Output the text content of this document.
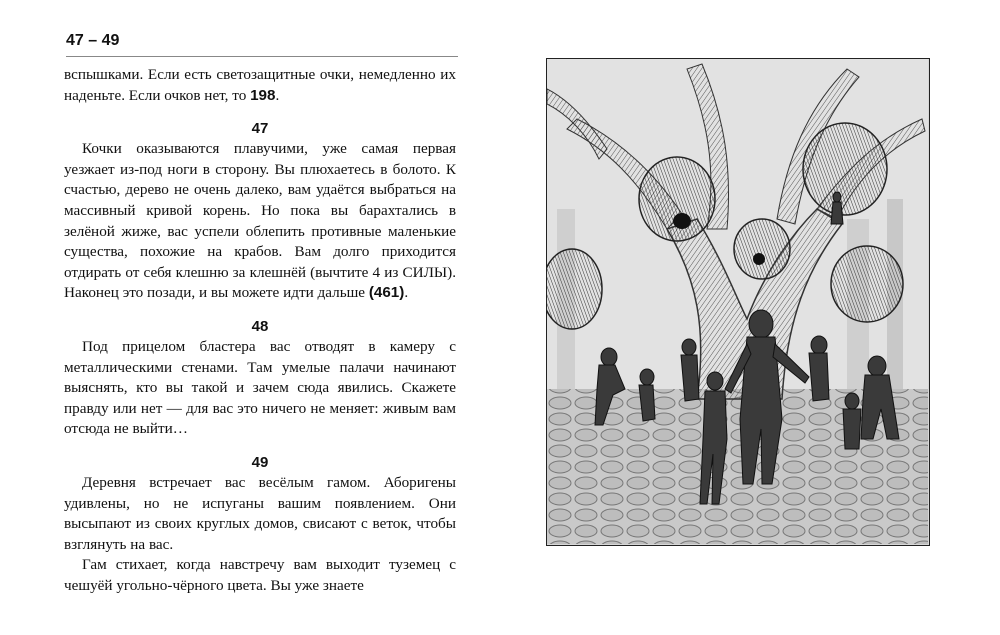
47 – 49

вспышками. Если есть светозащитные очки, немедленно их наденьте. Если очков нет, то 198.

47

Кочки оказываются плавучими, уже самая первая уезжает из-под ноги в сторону. Вы плюхаетесь в болото. К счастью, дерево не очень далеко, вам удаётся выбраться на массивный кривой корень. Но пока вы барахтались в зелёной жиже, вас успели облепить противные маленькие существа, похожие на крабов. Вам долго приходится отдирать от себя клешню за клешнёй (вычтите 4 из СИЛЫ). Наконец это позади, и вы можете идти дальше (461).

48

Под прицелом бластера вас отводят в камеру с металлическими стенами. Там умелые палачи начинают выяснять, кто вы такой и зачем сюда явились. Скажете правду или нет — для вас это ничего не меняет: живым вам отсюда не выйти…

49

Деревня встречает вас весёлым гамом. Аборигены удивлены, но не испуганы вашим появлением. Они высыпают из своих круглых домов, свисают с веток, чтобы взглянуть на вас.

Гам стихает, когда навстречу вам выходит туземец с чешуёй угольно-чёрного цвета. Вы уже знаете
